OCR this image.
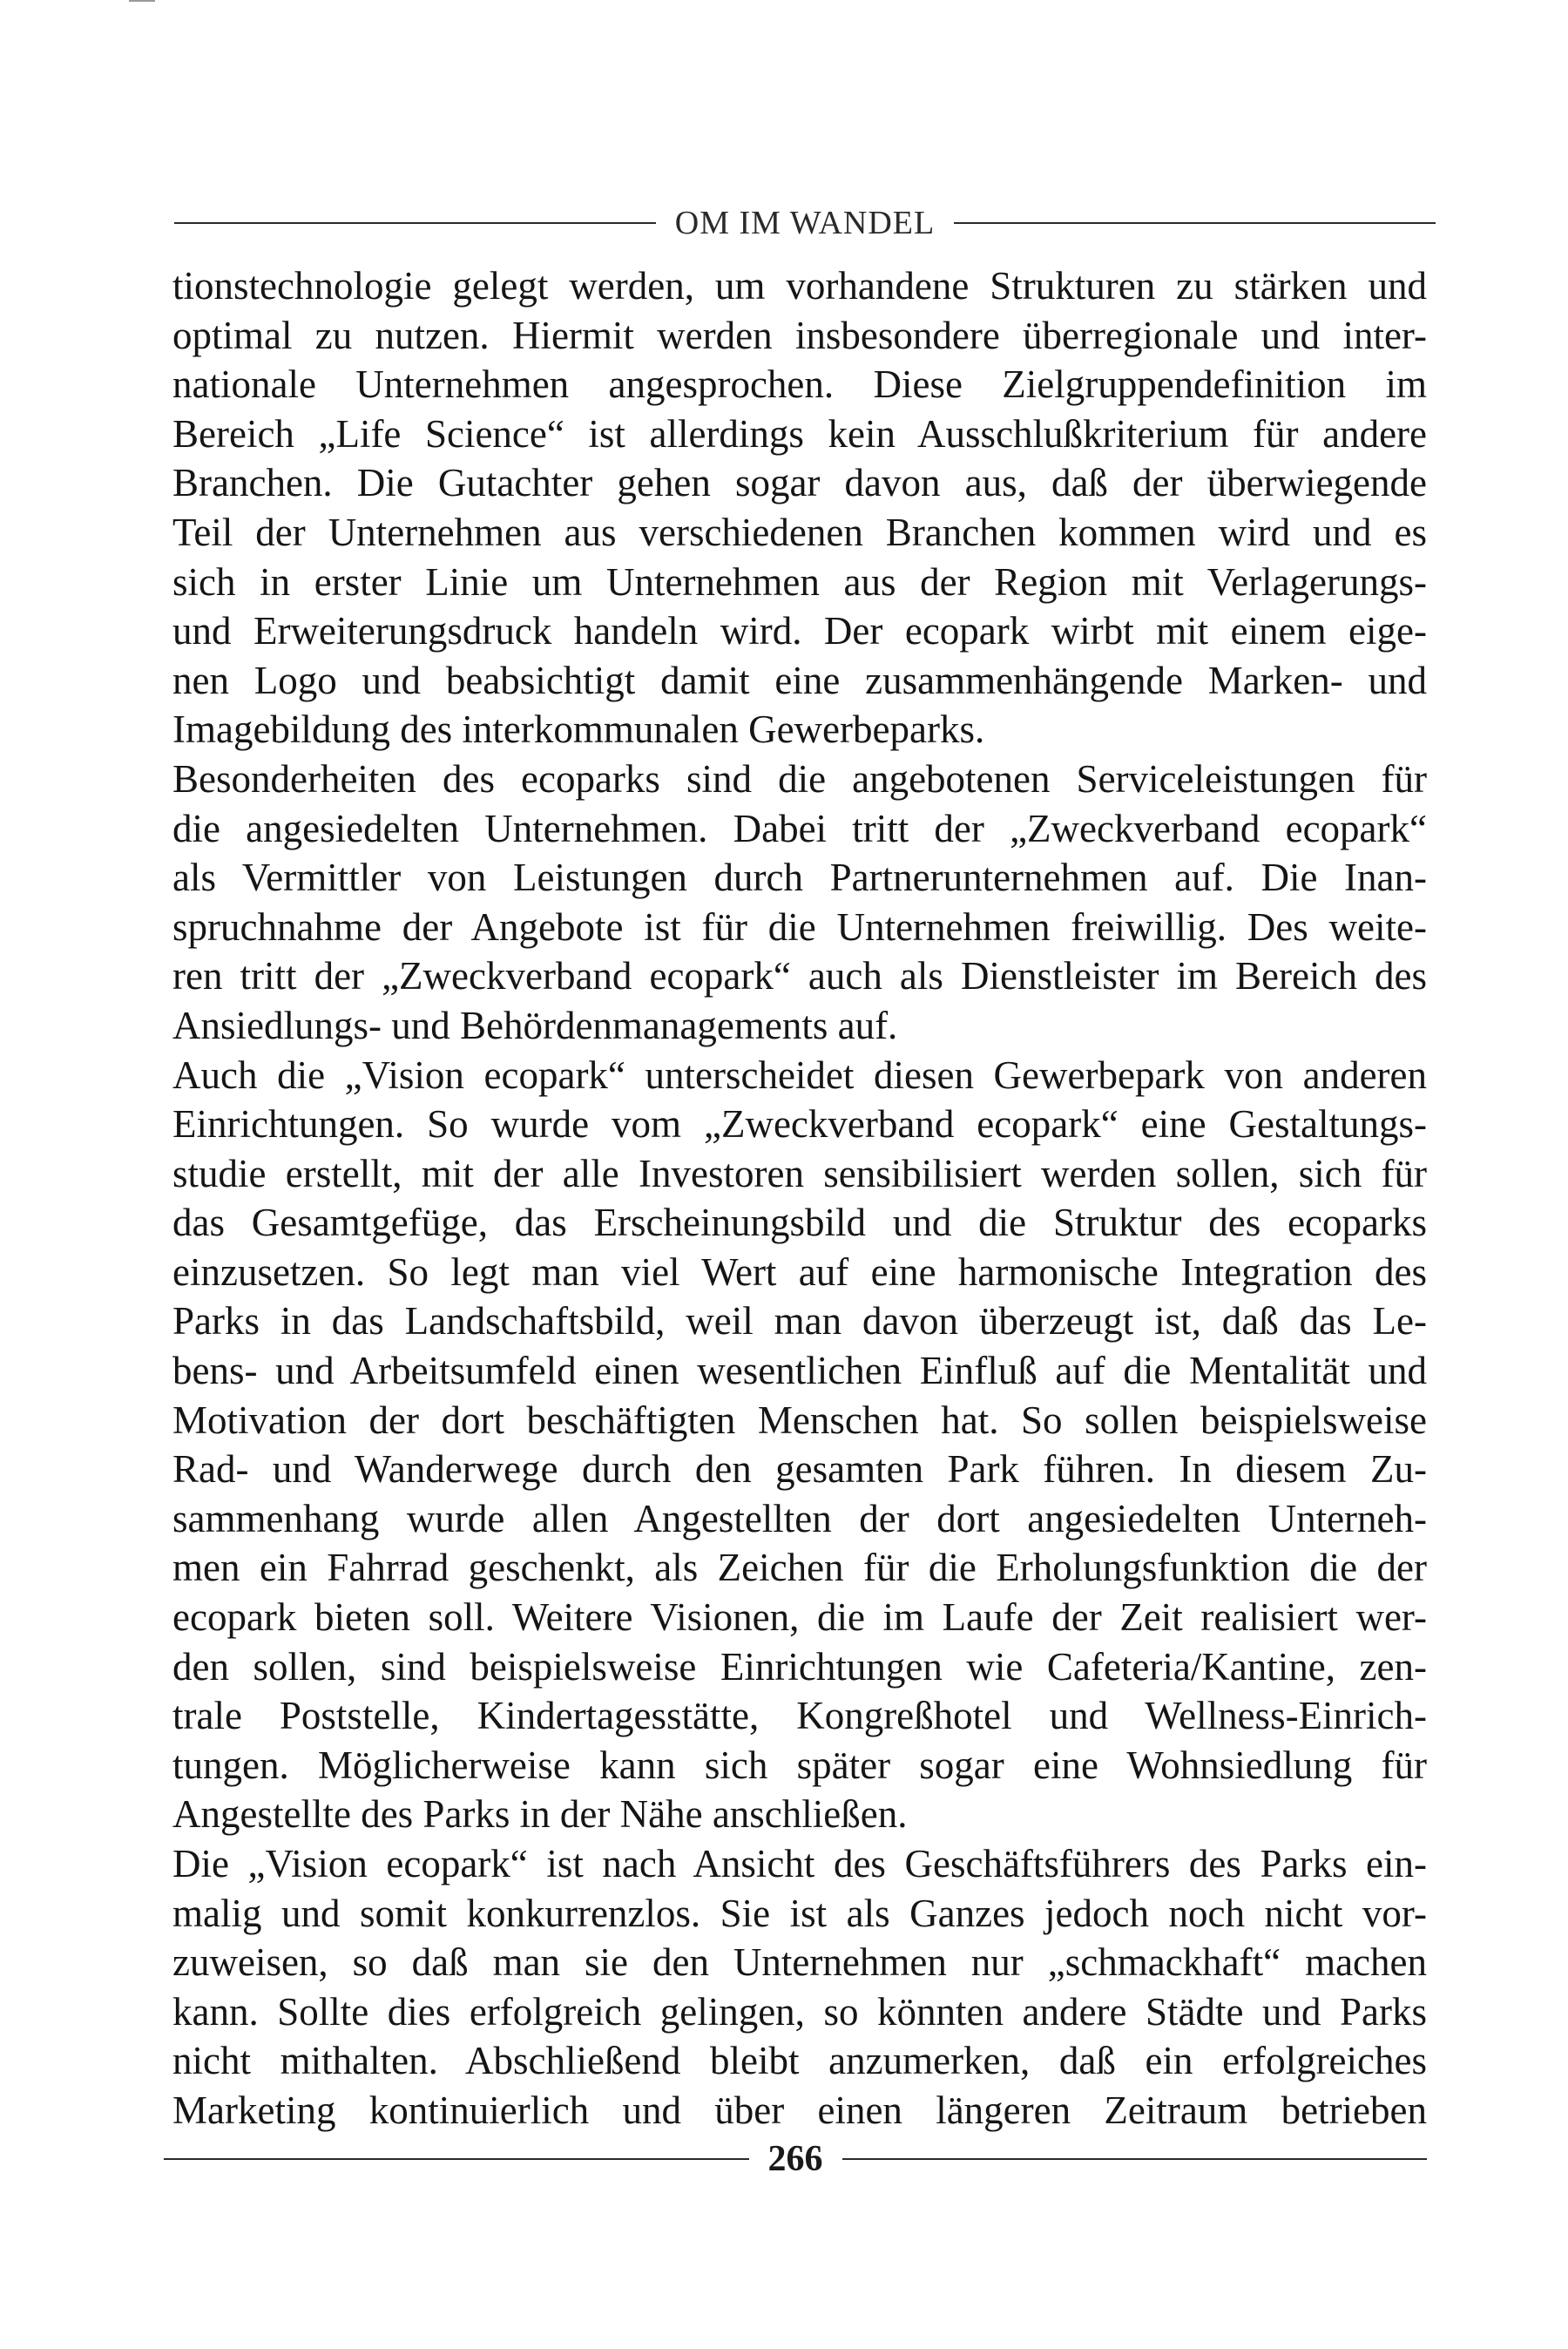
OM IM WANDEL
tionstechnologie gelegt werden, um vorhandene Strukturen zu stärken und
optimal zu nutzen. Hiermit werden insbesondere überregionale und inter-
nationale Unternehmen angesprochen. Diese Zielgruppendefinition im
Bereich „Life Science“ ist allerdings kein Ausschlußkriterium für andere
Branchen. Die Gutachter gehen sogar davon aus, daß der überwiegende
Teil der Unternehmen aus verschiedenen Branchen kommen wird und es
sich in erster Linie um Unternehmen aus der Region mit Verlagerungs-
und Erweiterungsdruck handeln wird. Der ecopark wirbt mit einem eige-
nen Logo und beabsichtigt damit eine zusammenhängende Marken- und
Imagebildung des interkommunalen Gewerbeparks.
Besonderheiten des ecoparks sind die angebotenen Serviceleistungen für
die angesiedelten Unternehmen. Dabei tritt der „Zweckverband ecopark“
als Vermittler von Leistungen durch Partnerunternehmen auf. Die Inan-
spruchnahme der Angebote ist für die Unternehmen freiwillig. Des weite-
ren tritt der „Zweckverband ecopark“ auch als Dienstleister im Bereich des
Ansiedlungs- und Behördenmanagements auf.
Auch die „Vision ecopark“ unterscheidet diesen Gewerbepark von anderen
Einrichtungen. So wurde vom „Zweckverband ecopark“ eine Gestaltungs-
studie erstellt, mit der alle Investoren sensibilisiert werden sollen, sich für
das Gesamtgefüge, das Erscheinungsbild und die Struktur des ecoparks
einzusetzen. So legt man viel Wert auf eine harmonische Integration des
Parks in das Landschaftsbild, weil man davon überzeugt ist, daß das Le-
bens- und Arbeitsumfeld einen wesentlichen Einfluß auf die Mentalität und
Motivation der dort beschäftigten Menschen hat. So sollen beispielsweise
Rad- und Wanderwege durch den gesamten Park führen. In diesem Zu-
sammenhang wurde allen Angestellten der dort angesiedelten Unterneh-
men ein Fahrrad geschenkt, als Zeichen für die Erholungsfunktion die der
ecopark bieten soll. Weitere Visionen, die im Laufe der Zeit realisiert wer-
den sollen, sind beispielsweise Einrichtungen wie Cafeteria/Kantine, zen-
trale Poststelle, Kindertagesstätte, Kongreßhotel und Wellness-Einrich-
tungen. Möglicherweise kann sich später sogar eine Wohnsiedlung für
Angestellte des Parks in der Nähe anschließen.
Die „Vision ecopark“ ist nach Ansicht des Geschäftsführers des Parks ein-
malig und somit konkurrenzlos. Sie ist als Ganzes jedoch noch nicht vor-
zuweisen, so daß man sie den Unternehmen nur „schmackhaft“ machen
kann. Sollte dies erfolgreich gelingen, so könnten andere Städte und Parks
nicht mithalten. Abschließend bleibt anzumerken, daß ein erfolgreiches
Marketing kontinuierlich und über einen längeren Zeitraum betrieben
266
